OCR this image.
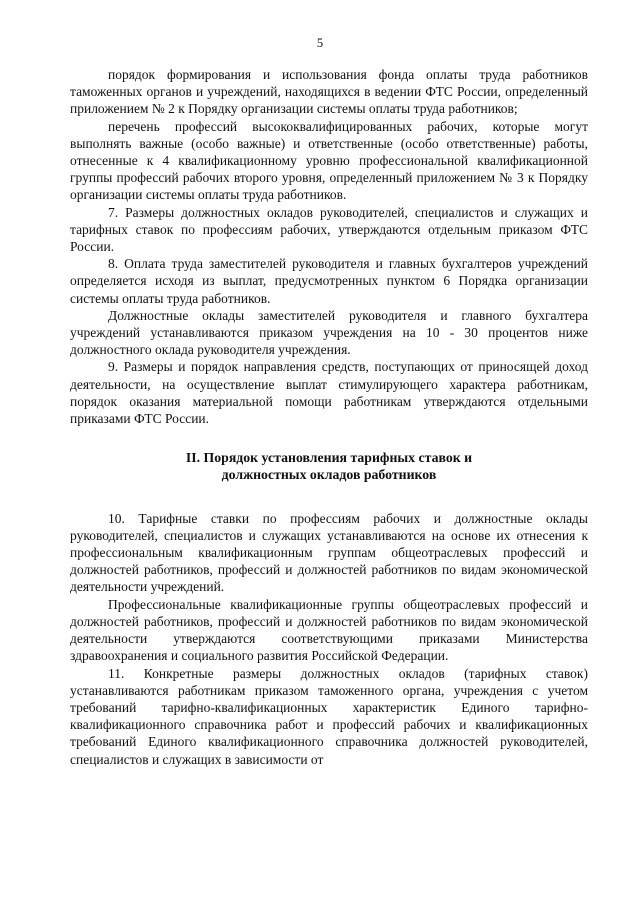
5

порядок формирования и использования фонда оплаты труда работников таможенных органов и учреждений, находящихся в ведении ФТС России, определенный приложением № 2 к Порядку организации системы оплаты труда работников;

перечень профессий высококвалифицированных рабочих, которые могут выполнять важные (особо важные) и ответственные (особо ответственные) работы, отнесенные к 4 квалификационному уровню профессиональной квалификационной группы профессий рабочих второго уровня, определенный приложением № 3 к Порядку организации системы оплаты труда работников.

7. Размеры должностных окладов руководителей, специалистов и служащих и тарифных ставок по профессиям рабочих, утверждаются отдельным приказом ФТС России.

8. Оплата труда заместителей руководителя и главных бухгалтеров учреждений определяется исходя из выплат, предусмотренных пунктом 6 Порядка организации системы оплаты труда работников.

Должностные оклады заместителей руководителя и главного бухгалтера учреждений устанавливаются приказом учреждения на 10 - 30 процентов ниже должностного оклада руководителя учреждения.

9. Размеры и порядок направления средств, поступающих от приносящей доход деятельности, на осуществление выплат стимулирующего характера работникам, порядок оказания материальной помощи работникам утверждаются отдельными приказами ФТС России.

II. Порядок установления тарифных ставок и
должностных окладов работников

10. Тарифные ставки по профессиям рабочих и должностные оклады руководителей, специалистов и служащих устанавливаются на основе их отнесения к профессиональным квалификационным группам общеотраслевых профессий и должностей работников, профессий и должностей работников по видам экономической деятельности учреждений.

Профессиональные квалификационные группы общеотраслевых профессий и должностей работников, профессий и должностей работников по видам экономической деятельности утверждаются соответствующими приказами Министерства здравоохранения и социального развития Российской Федерации.

11. Конкретные размеры должностных окладов (тарифных ставок) устанавливаются работникам приказом таможенного органа, учреждения с учетом требований тарифно-квалификационных характеристик Единого тарифно-квалификационного справочника работ и профессий рабочих и квалификационных требований Единого квалификационного справочника должностей руководителей, специалистов и служащих в зависимости от
